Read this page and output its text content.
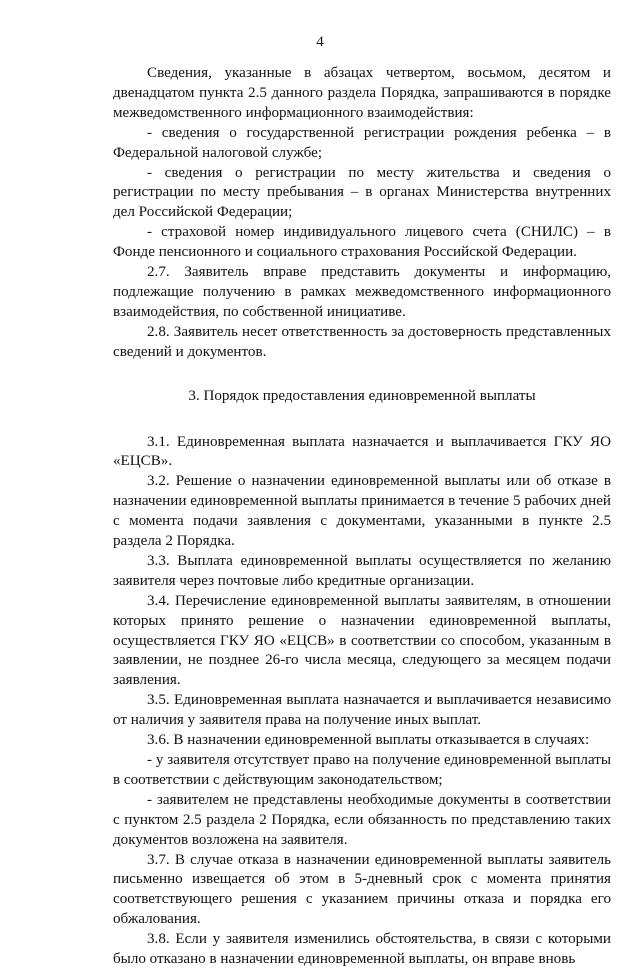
4

Сведения, указанные в абзацах четвертом, восьмом, десятом и двенадцатом пункта 2.5 данного раздела Порядка, запрашиваются в порядке межведомственного информационного взаимодействия:

- сведения о государственной регистрации рождения ребенка – в Федеральной налоговой службе;

- сведения о регистрации по месту жительства и сведения о регистрации по месту пребывания – в органах Министерства внутренних дел Российской Федерации;

- страховой номер индивидуального лицевого счета (СНИЛС) – в Фонде пенсионного и социального страхования Российской Федерации.

2.7. Заявитель вправе представить документы и информацию, подлежащие получению в рамках межведомственного информационного взаимодействия, по собственной инициативе.

2.8. Заявитель несет ответственность за достоверность представленных сведений и документов.

3. Порядок предоставления единовременной выплаты

3.1. Единовременная выплата назначается и выплачивается ГКУ ЯО «ЕЦСВ».

3.2. Решение о назначении единовременной выплаты или об отказе в назначении единовременной выплаты принимается в течение 5 рабочих дней с момента подачи заявления с документами, указанными в пункте 2.5 раздела 2 Порядка.

3.3. Выплата единовременной выплаты осуществляется по желанию заявителя через почтовые либо кредитные организации.

3.4. Перечисление единовременной выплаты заявителям, в отношении которых принято решение о назначении единовременной выплаты, осуществляется ГКУ ЯО «ЕЦСВ» в соответствии со способом, указанным в заявлении, не позднее 26-го числа месяца, следующего за месяцем подачи заявления.

3.5. Единовременная выплата назначается и выплачивается независимо от наличия у заявителя права на получение иных выплат.

3.6. В назначении единовременной выплаты отказывается в случаях:

- у заявителя отсутствует право на получение единовременной выплаты в соответствии с действующим законодательством;

- заявителем не представлены необходимые документы в соответствии с пунктом 2.5 раздела 2 Порядка, если обязанность по представлению таких документов возложена на заявителя.

3.7. В случае отказа в назначении единовременной выплаты заявитель письменно извещается об этом в 5-дневный срок с момента принятия соответствующего решения с указанием причины отказа и порядка его обжалования.

3.8. Если у заявителя изменились обстоятельства, в связи с которыми было отказано в назначении единовременной выплаты, он вправе вновь
